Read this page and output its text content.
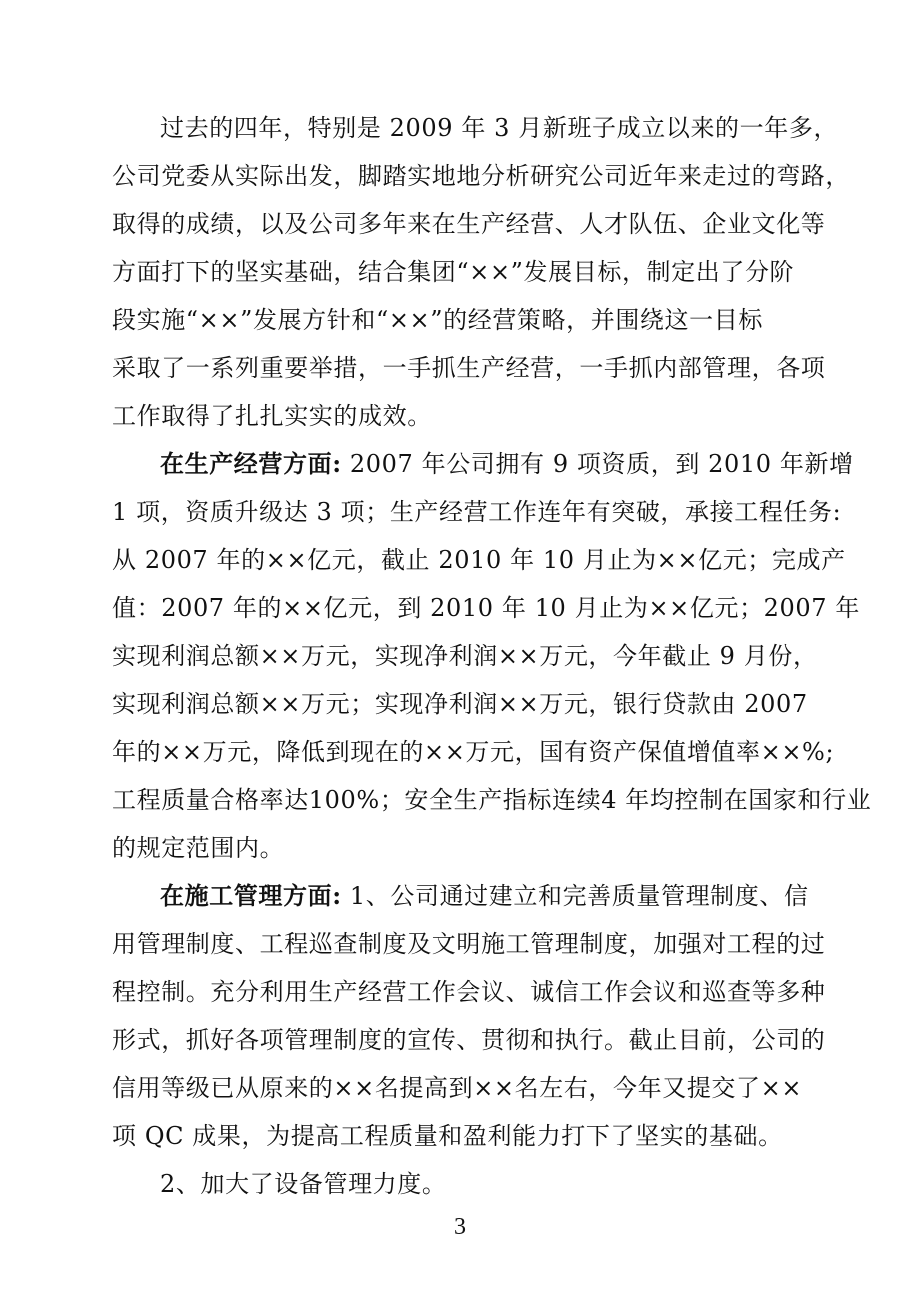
过去的四年，特别是 2009 年 3 月新班子成立以来的一年多，
公司党委从实际出发，脚踏实地地分析研究公司近年来走过的弯路，
取得的成绩，以及公司多年来在生产经营、人才队伍、企业文化等
方面打下的坚实基础，结合集团“××”发展目标，制定出了分阶
段实施“××”发展方针和“××”的经营策略，并围绕这一目标
采取了一系列重要举措，一手抓生产经营，一手抓内部管理，各项
工作取得了扎扎实实的成效。
在生产经营方面: 2007 年公司拥有 9 项资质，到 2010 年新增
1 项，资质升级达 3 项；生产经营工作连年有突破，承接工程任务:
从 2007 年的××亿元，截止 2010 年 10 月止为××亿元；完成产
值：2007 年的××亿元，到 2010 年 10 月止为××亿元；2007 年
实现利润总额××万元，实现净利润××万元，今年截止 9 月份，
实现利润总额××万元；实现净利润××万元，银行贷款由 2007
年的××万元，降低到现在的××万元，国有资产保值增值率××%;
工程质量合格率达100%；安全生产指标连续4 年均控制在国家和行业
的规定范围内。
在施工管理方面: 1、公司通过建立和完善质量管理制度、信
用管理制度、工程巡查制度及文明施工管理制度，加强对工程的过
程控制。充分利用生产经营工作会议、诚信工作会议和巡查等多种
形式，抓好各项管理制度的宣传、贯彻和执行。截止目前，公司的
信用等级已从原来的××名提高到××名左右，今年又提交了××
项 QC 成果，为提高工程质量和盈利能力打下了坚实的基础。
2、加大了设备管理力度。
3
